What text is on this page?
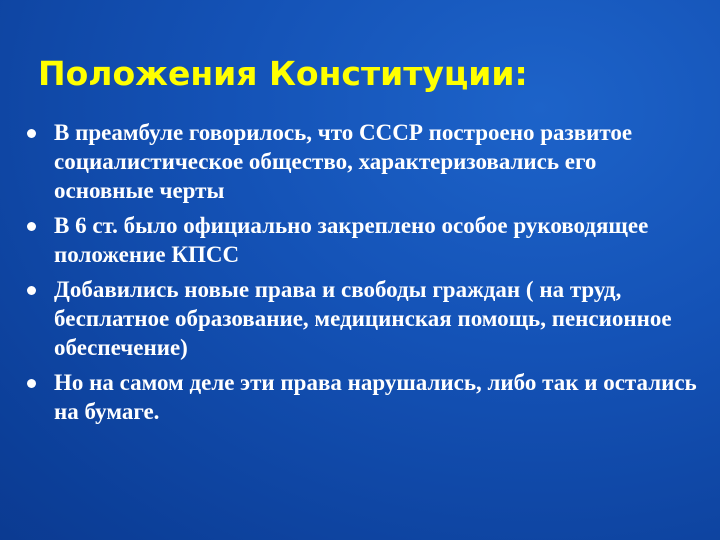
Положения Конституции:
В преамбуле говорилось, что СССР построено развитое социалистическое общество, характеризовались его основные черты
В 6 ст. было официально закреплено особое руководящее положение КПСС
Добавились новые права и свободы граждан ( на труд, бесплатное образование, медицинская помощь, пенсионное обеспечение)
Но на самом деле эти права нарушались, либо так и остались на бумаге.
